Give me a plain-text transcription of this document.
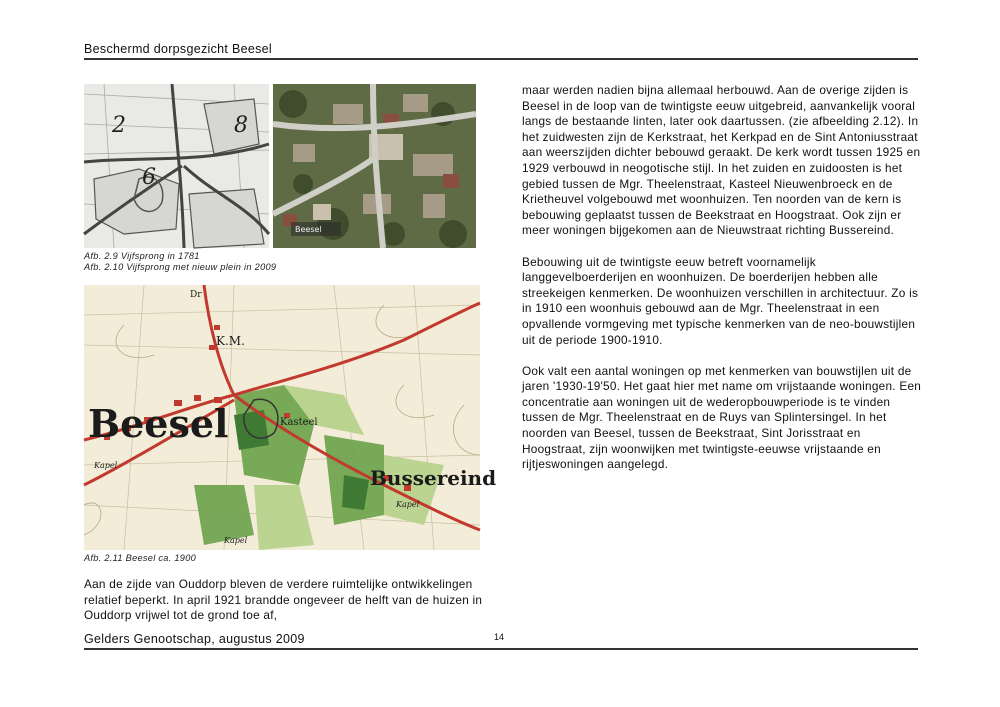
Beschermd dorpsgezicht Beesel
2	8
6
Beesel
Afb. 2.9 Vijfsprong in 1781
Afb. 2.10 Vijfsprong met nieuw plein in 2009
Beesel
Bussereind
K.M.
Kasteel
Kapel
Kapel
Kapel
Dr
Afb. 2.11 Beesel ca. 1900
Aan de zijde van Ouddorp bleven de verdere ruimtelijke ontwikkelingen relatief beperkt. In april 1921 brandde ongeveer de helft van de huizen in Ouddorp vrijwel tot de grond toe af,

maar werden nadien bijna allemaal herbouwd. Aan de overige zijden is Beesel in de loop van de twintigste eeuw uitgebreid, aanvankelijk vooral langs de bestaande linten, later ook daartussen. (zie afbeelding 2.12). In het zuidwesten zijn de Kerkstraat, het Kerkpad en de Sint Antoniusstraat aan weerszijden dichter bebouwd geraakt. De kerk wordt tussen 1925 en 1929 verbouwd in neogotische stijl. In het zuiden en zuidoosten is het gebied tussen de Mgr. Theelenstraat, Kasteel Nieuwenbroeck en de Krietheuvel volgebouwd met woonhuizen. Ten noorden van de kern is bebouwing geplaatst tussen de Beekstraat en Hoogstraat. Ook zijn er meer woningen bijgekomen aan de Nieuwstraat richting Bussereind.

Bebouwing uit de twintigste eeuw betreft voornamelijk langgevelboerderijen en woonhuizen. De boerderijen hebben alle streekeigen kenmerken. De woonhuizen verschillen in architectuur. Zo is in 1910 een woonhuis gebouwd aan de Mgr. Theelenstraat in een opvallende vormgeving met typische kenmerken van de neo-bouwstijlen uit de periode 1900-1910.

Ook valt een aantal woningen op met kenmerken van bouwstijlen uit de jaren '1930-19'50. Het gaat hier met name om vrijstaande woningen. Een concentratie aan woningen uit de wederopbouwperiode is te vinden tussen de Mgr. Theelenstraat en de Ruys van Splintersingel. In het noorden van Beesel, tussen de Beekstraat, Sint Jorisstraat en Hoogstraat, zijn woonwijken met twintigste-eeuwse vrijstaande en rijtjeswoningen aangelegd.

Gelders Genootschap, augustus 2009	14
